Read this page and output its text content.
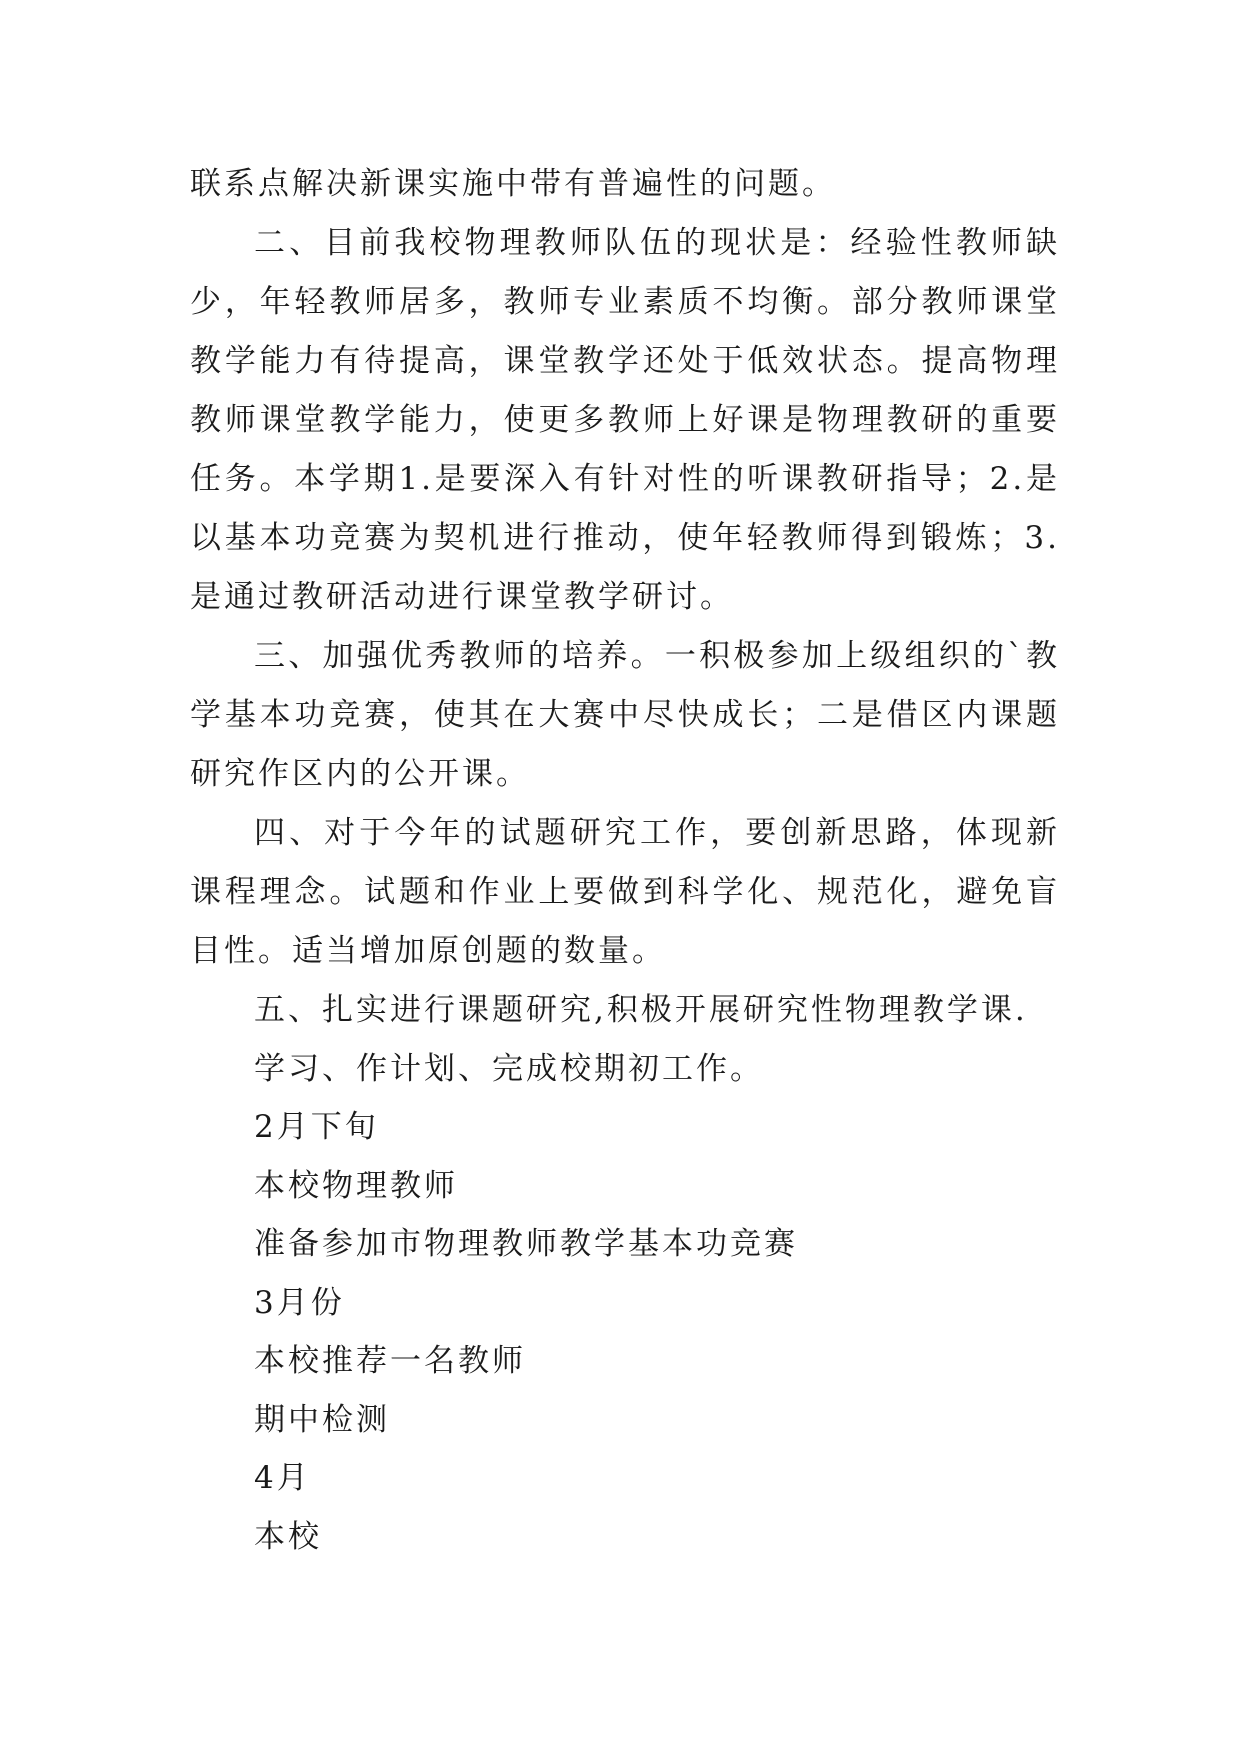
联系点解决新课实施中带有普遍性的问题。

二、目前我校物理教师队伍的现状是：经验性教师缺少，年轻教师居多，教师专业素质不均衡。部分教师课堂教学能力有待提高，课堂教学还处于低效状态。提高物理教师课堂教学能力，使更多教师上好课是物理教研的重要任务。本学期1.是要深入有针对性的听课教研指导；2.是以基本功竞赛为契机进行推动，使年轻教师得到锻炼；3.是通过教研活动进行课堂教学研讨。

三、加强优秀教师的培养。一积极参加上级组织的`教学基本功竞赛，使其在大赛中尽快成长；二是借区内课题研究作区内的公开课。

四、对于今年的试题研究工作，要创新思路，体现新课程理念。试题和作业上要做到科学化、规范化，避免盲目性。适当增加原创题的数量。

五、扎实进行课题研究,积极开展研究性物理教学课.

学习、作计划、完成校期初工作。

2月下旬

本校物理教师

准备参加市物理教师教学基本功竞赛

3月份

本校推荐一名教师

期中检测

4月

本校
